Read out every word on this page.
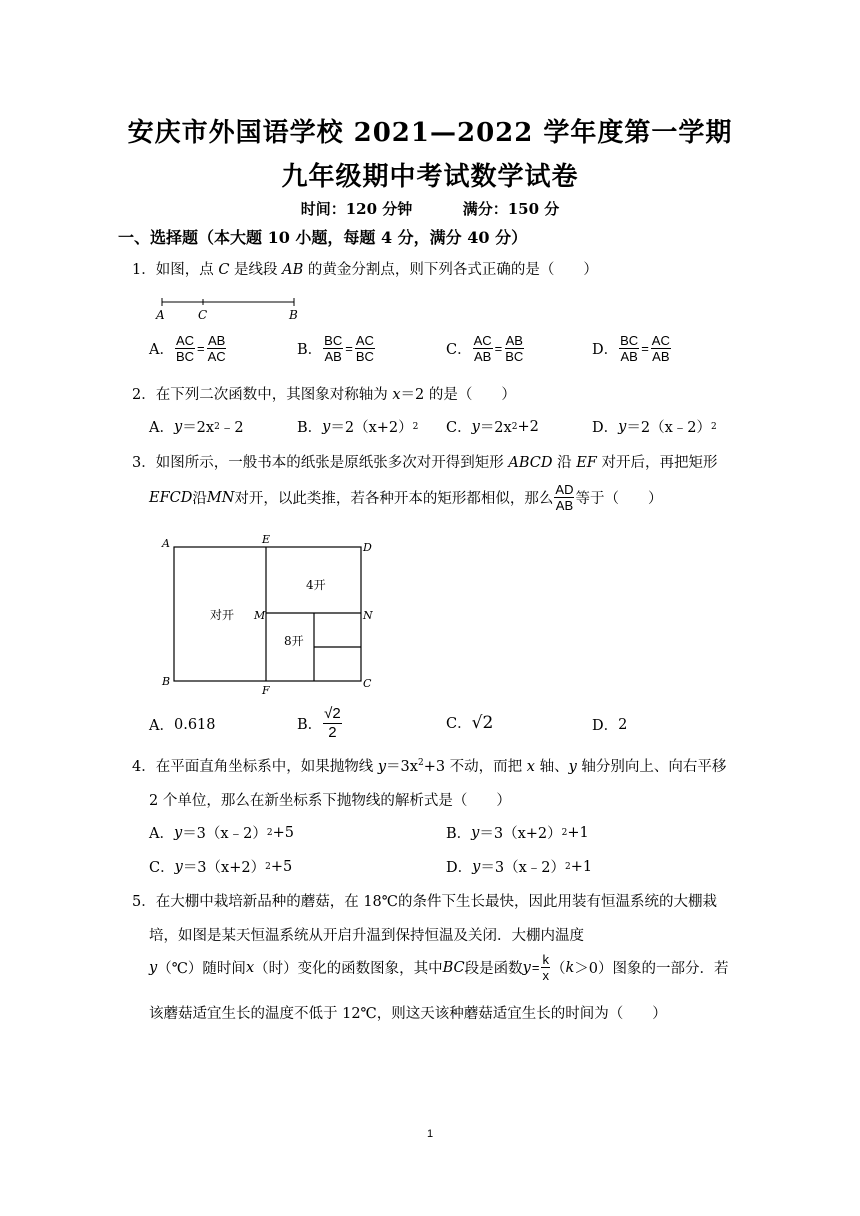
安庆市外国语学校 2021—2022 学年度第一学期
九年级期中考试数学试卷
时间：120 分钟	满分：150 分
一、选择题（本大题 10 小题，每题 4 分，满分 40 分）
1．如图，点 C 是线段 AB 的黄金分割点，则下列各式正确的是（　　）
A	C	B
A． $\frac{AC}{BC} = \frac{AB}{AC}$	B． $\frac{BC}{AB} = \frac{AC}{BC}$	C． $\frac{AC}{AB} = \frac{AB}{BC}$	D． $\frac{BC}{AB} = \frac{AC}{AB}$
2．在下列二次函数中，其图象对称轴为 x＝2 的是（　　）
A． y ＝2x 2 ﹣2	B． y ＝2（x+2） 2 C． y ＝2x 2 +2	D． y ＝2（x﹣2） 2
3．如图所示，一般书本的纸张是原纸张多次对开得到矩形 ABCD 沿 EF 对开后，再把矩形
EFCD 沿 MN 对开，以此类推，若各种开本的矩形都相似，那么 $\frac{AD}{AB}$ 等于（　　）
A	E
D
M	N
B
F
C
对开
4开
8开
A． 0.618	B． $\frac{√2}{2}$	C． √2	D． 2
4．在平面直角坐标系中，如果抛物线 $y=3x^2+3$ 不动，而把 x 轴、y 轴分别向上、向右平移
2 个单位，那么在新坐标系下抛物线的解析式是（　　）
A． y ＝3（x﹣2） 2 +5	B． y ＝3（x+2） 2 +1
C． y ＝3（x+2） 2 +5	D． y ＝3（x﹣2） 2 +1
5．在大棚中栽培新品种的蘑菇，在 18℃的条件下生长最快，因此用装有恒温系统的大棚栽
培，如图是某天恒温系统从开启升温到保持恒温及关闭．大棚内温度
y （℃）随时间 x （时）变化的函数图象，其中 BC 段是函数 $y = \frac{k}{x}$ （ k ＞0）图象的一部分．若
该蘑菇适宜生长的温度不低于 12℃，则这天该种蘑菇适宜生长的时间为（　　）
1
